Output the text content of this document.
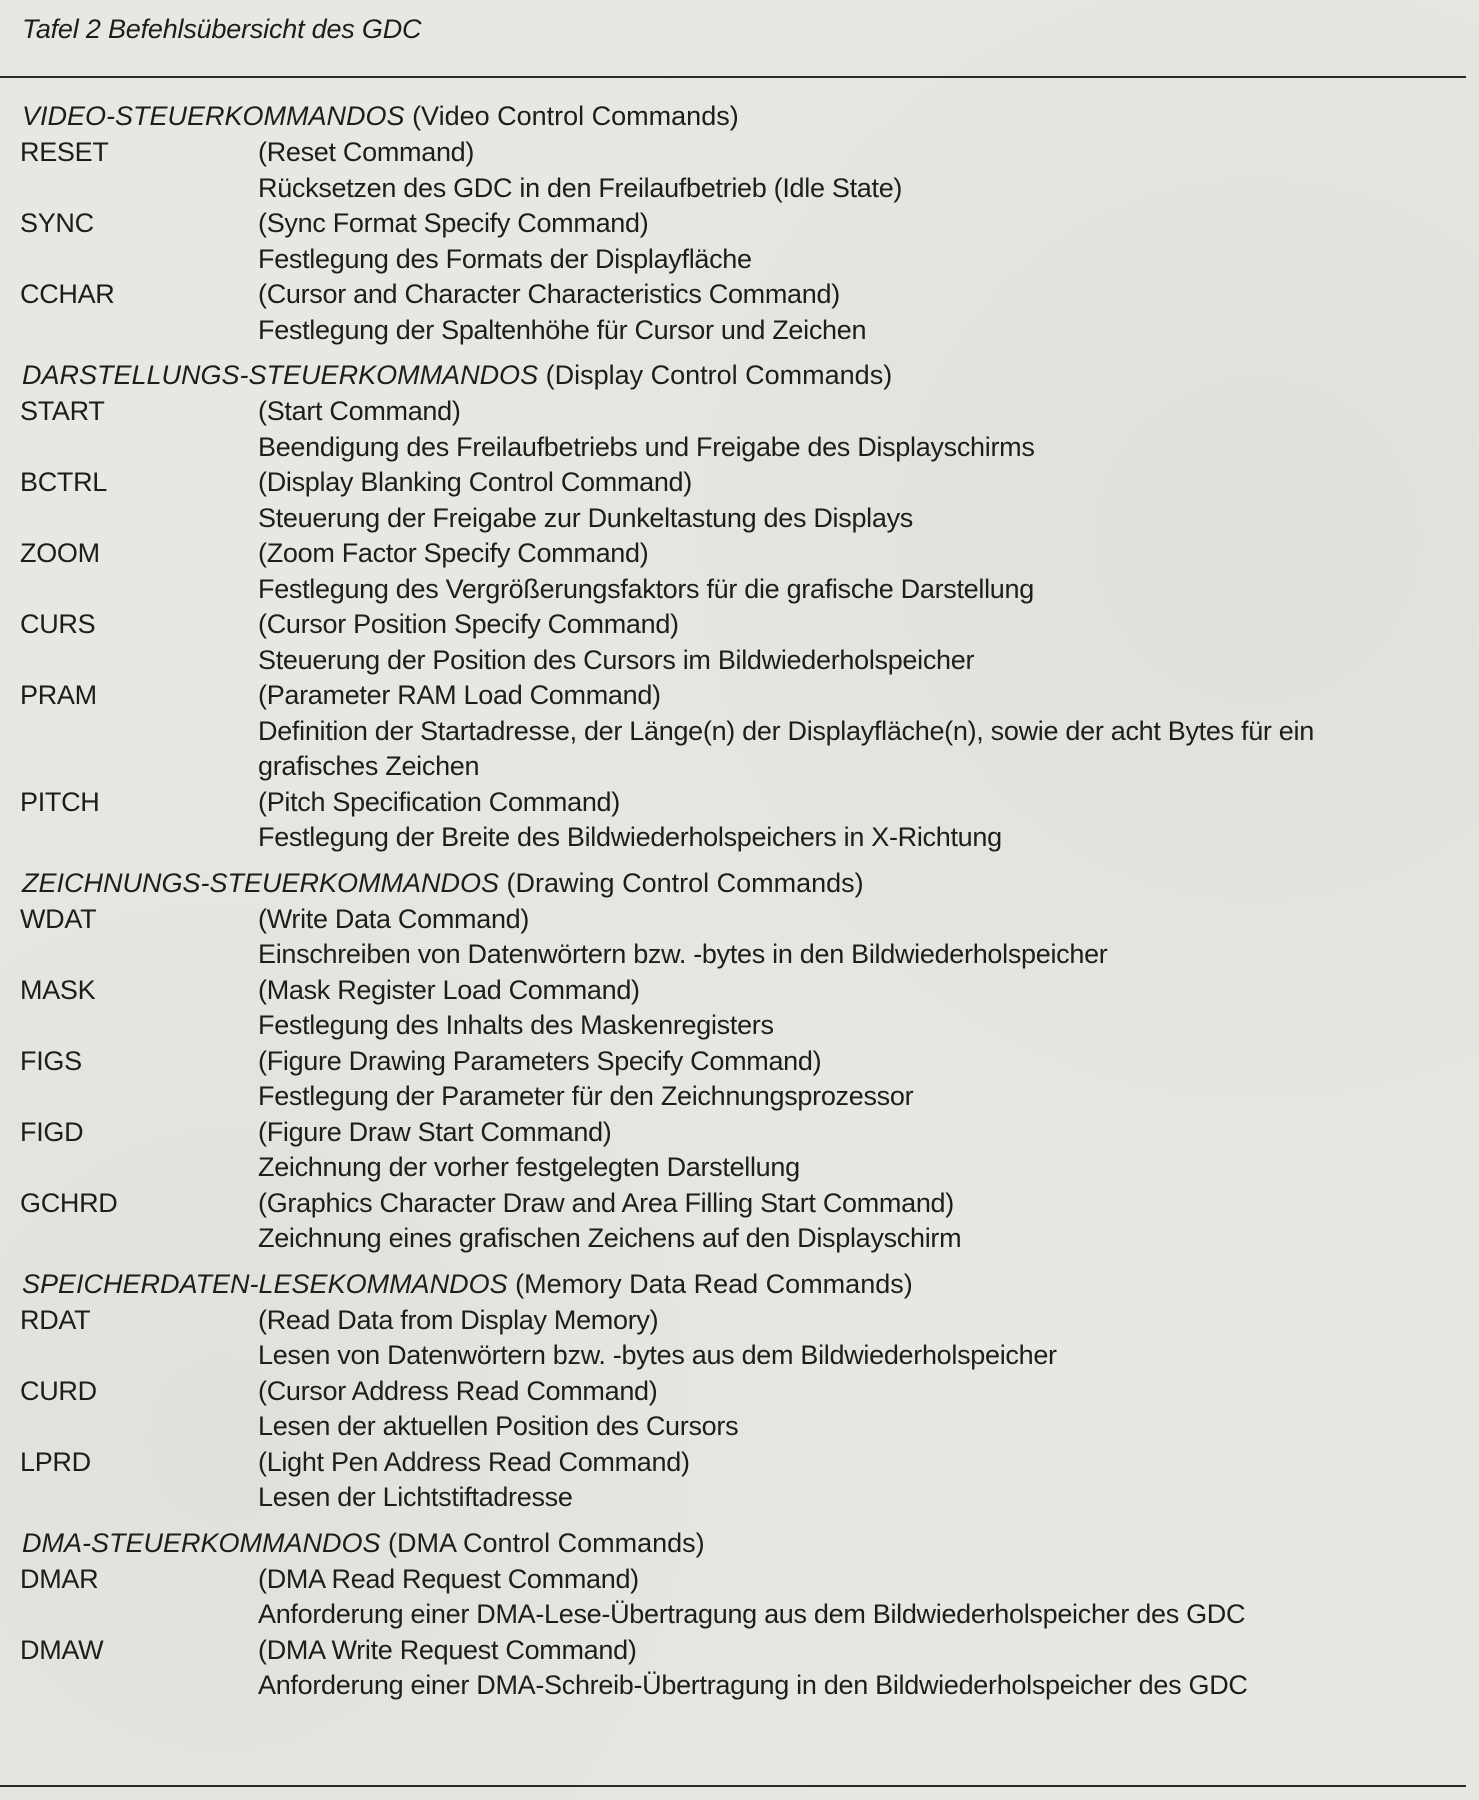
Tafel 2 Befehlsübersicht des GDC
VIDEO-STEUERKOMMANDOS (Video Control Commands)
RESET	(Reset Command)
Rücksetzen des GDC in den Freilaufbetrieb (Idle State)
SYNC	(Sync Format Specify Command)
Festlegung des Formats der Displayfläche
CCHAR	(Cursor and Character Characteristics Command)
Festlegung der Spaltenhöhe für Cursor und Zeichen
DARSTELLUNGS-STEUERKOMMANDOS (Display Control Commands)
START	(Start Command)
Beendigung des Freilaufbetriebs und Freigabe des Displayschirms
BCTRL	(Display Blanking Control Command)
Steuerung der Freigabe zur Dunkeltastung des Displays
ZOOM	(Zoom Factor Specify Command)
Festlegung des Vergrößerungsfaktors für die grafische Darstellung
CURS	(Cursor Position Specify Command)
Steuerung der Position des Cursors im Bildwiederholspeicher
PRAM	(Parameter RAM Load Command)
Definition der Startadresse, der Länge(n) der Displayfläche(n), sowie der acht Bytes für ein grafisches Zeichen
PITCH	(Pitch Specification Command)
Festlegung der Breite des Bildwiederholspeichers in X-Richtung
ZEICHNUNGS-STEUERKOMMANDOS (Drawing Control Commands)
WDAT	(Write Data Command)
Einschreiben von Datenwörtern bzw. -bytes in den Bildwiederholspeicher
MASK	(Mask Register Load Command)
Festlegung des Inhalts des Maskenregisters
FIGS	(Figure Drawing Parameters Specify Command)
Festlegung der Parameter für den Zeichnungsprozessor
FIGD	(Figure Draw Start Command)
Zeichnung der vorher festgelegten Darstellung
GCHRD	(Graphics Character Draw and Area Filling Start Command)
Zeichnung eines grafischen Zeichens auf den Displayschirm
SPEICHERDATEN-LESEKOMMANDOS (Memory Data Read Commands)
RDAT	(Read Data from Display Memory)
Lesen von Datenwörtern bzw. -bytes aus dem Bildwiederholspeicher
CURD	(Cursor Address Read Command)
Lesen der aktuellen Position des Cursors
LPRD	(Light Pen Address Read Command)
Lesen der Lichtstiftadresse
DMA-STEUERKOMMANDOS (DMA Control Commands)
DMAR	(DMA Read Request Command)
Anforderung einer DMA-Lese-Übertragung aus dem Bildwiederholspeicher des GDC
DMAW	(DMA Write Request Command)
Anforderung einer DMA-Schreib-Übertragung in den Bildwiederholspeicher des GDC
